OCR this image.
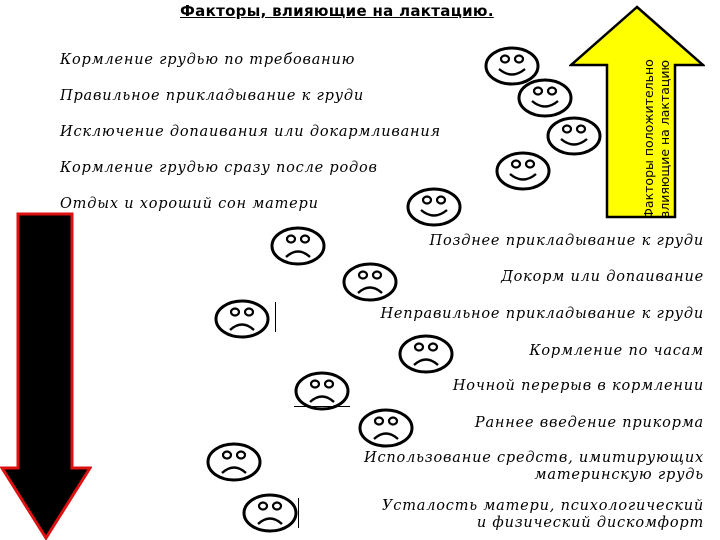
Факторы, влияющие на лактацию.
Факторы положительно влияющие на лактацию
Кормление грудью по требованию
Правильное прикладывание к груди
Исключение допаивания или докармливания
Кормление грудью сразу после родов
Отдых и хороший сон матери
Позднее прикладывание к груди
Докорм или допаивание
Неправильное прикладывание к груди
Кормление по часам
Ночной перерыв в кормлении
Раннее введение прикорма
Использование средств, имитирующих
материнскую грудь
Усталость матери, психологический
и физический дискомфорт
